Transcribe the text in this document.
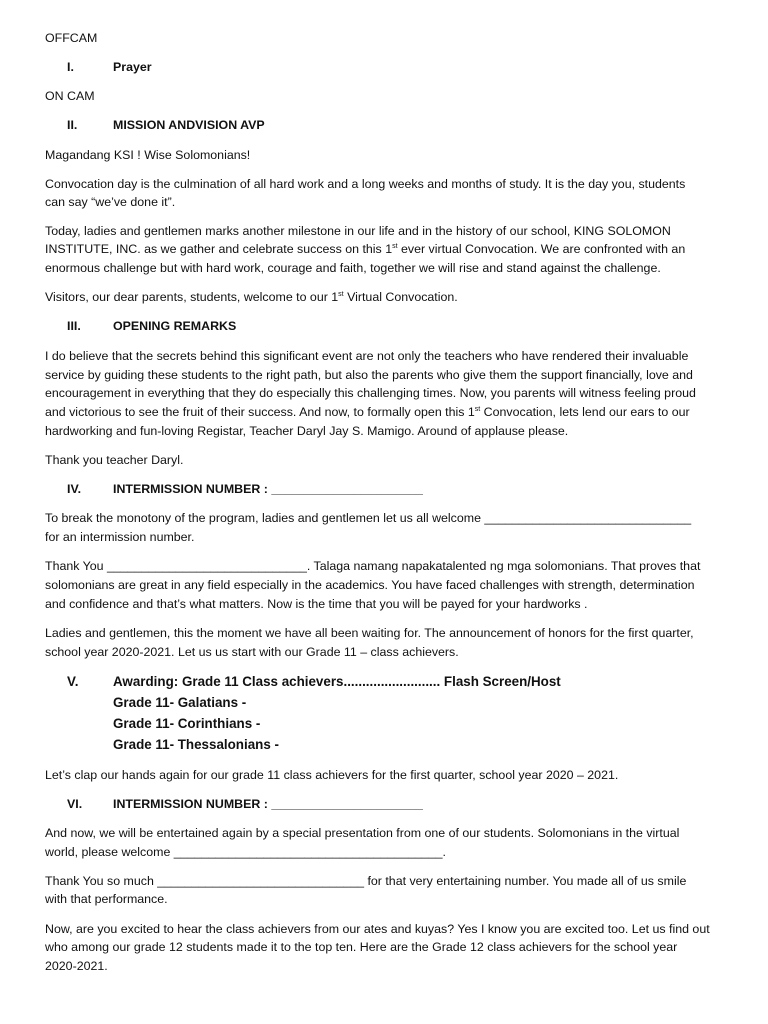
OFFCAM

I.	Prayer

ON CAM

II.	MISSION ANDVISION AVP

Magandang KSI ! Wise Solomonians!

Convocation day is the culmination of all hard work and a long weeks and months of study. It is the day you, students

can say “we’ve done it”.

Today, ladies and gentlemen marks another milestone in our life and in the history of our school, KING SOLOMON

INSTITUTE, INC. as we gather and celebrate success on this 1st ever virtual Convocation. We are confronted with an

enormous challenge but with hard work, courage and faith, together we will rise and stand against the challenge.

Visitors, our dear parents, students, welcome to our 1st Virtual Convocation.

III.	OPENING REMARKS

I do believe that the secrets behind this significant event are not only the teachers who have rendered their invaluable

service by guiding these students to the right path, but also the parents who give them the support financially, love and

encouragement in everything that they do especially this challenging times. Now, you parents will witness feeling proud

and victorious to see the fruit of their success. And now, to formally open this 1st Convocation, lets lend our ears to our

hardworking and fun-loving Registar, Teacher Daryl Jay S. Mamigo. Around of applause please.

Thank you teacher Daryl.

IV.	INTERMISSION NUMBER : ______________________

To break the monotony of the program, ladies and gentlemen let us all welcome ______________________________

for an intermission number.

Thank You _____________________________. Talaga namang napakatalented ng mga solomonians. That proves that

solomonians are great in any field especially in the academics. You have faced challenges with strength, determination

and confidence and that’s what matters. Now is the time that you will be payed for your hardworks .

Ladies and gentlemen, this the moment we have all been waiting for. The announcement of honors for the first quarter,

school year 2020-2021. Let us us start with our Grade 11 – class achievers.

V.	Awarding: Grade 11 Class achievers.......................... Flash Screen/Host

Grade 11- Galatians -

Grade 11- Corinthians -

Grade 11- Thessalonians -

Let’s clap our hands again for our grade 11 class achievers for the first quarter, school year 2020 – 2021.

VI. INTERMISSION NUMBER : ______________________

And now, we will be entertained again by a special presentation from one of our students. Solomonians in the virtual

world, please welcome _______________________________________.

Thank You so much ______________________________ for that very entertaining number. You made all of us smile

with that performance.

Now, are you excited to hear the class achievers from our ates and kuyas? Yes I know you are excited too. Let us find out

who among our grade 12 students made it to the top ten. Here are the Grade 12 class achievers for the school year

2020-2021.
